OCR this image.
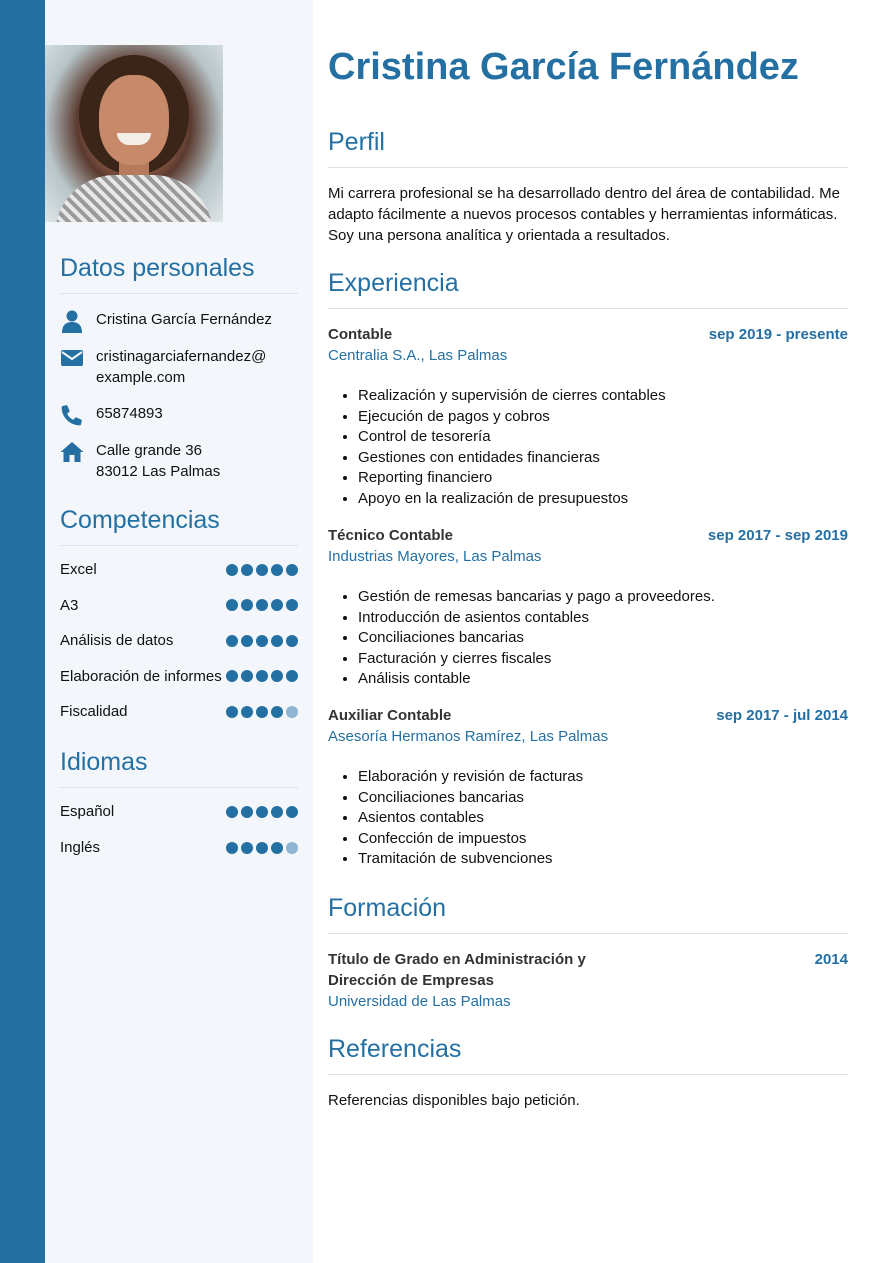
Datos personales
Cristina García Fernández
cristinagarciafernandez@
example.com
65874893
Calle grande 36
83012 Las Palmas
Competencias
Excel
A3
Análisis de datos
Elaboración de informes
Fiscalidad
Idiomas
Español
Inglés
Cristina García Fernández
Perfil

Mi carrera profesional se ha desarrollado dentro del área de contabilidad. Me adapto fácilmente a nuevos procesos contables y herramientas informáticas. Soy una persona analítica y orientada a resultados.

Experiencia
Contable	sep 2019 - presente
Centralia S.A., Las Palmas
• Realización y supervisión de cierres contables
• Ejecución de pagos y cobros
• Control de tesorería
• Gestiones con entidades financieras
• Reporting financiero
• Apoyo en la realización de presupuestos
Técnico Contable	sep 2017 - sep 2019
Industrias Mayores, Las Palmas
• Gestión de remesas bancarias y pago a proveedores.
• Introducción de asientos contables
• Conciliaciones bancarias
• Facturación y cierres fiscales
• Análisis contable
Auxiliar Contable	sep 2017 - jul 2014
Asesoría Hermanos Ramírez, Las Palmas
• Elaboración y revisión de facturas
• Conciliaciones bancarias
• Asientos contables
• Confección de impuestos
• Tramitación de subvenciones
Formación
Título de Grado en Administración y
Dirección de Empresas
2014
Universidad de Las Palmas
Referencias

Referencias disponibles bajo petición.
